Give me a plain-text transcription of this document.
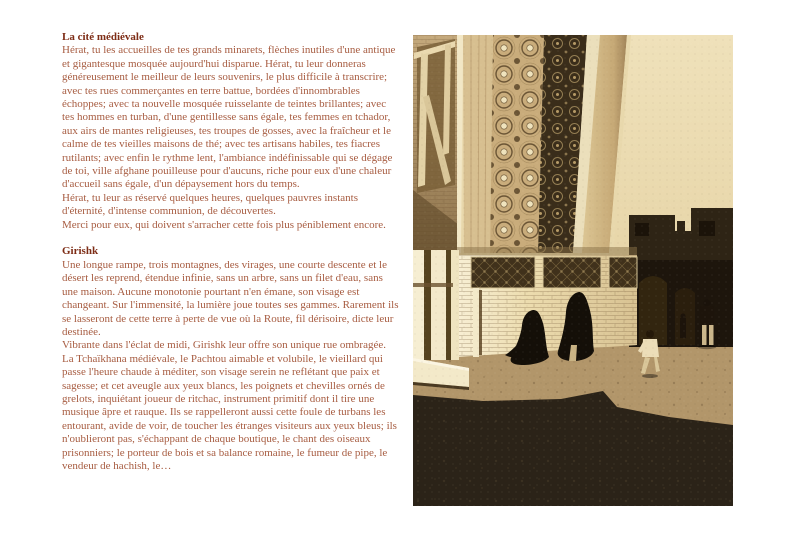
La cité médiévale

Hérat, tu les accueilles de tes grands minarets, flèches inutiles d'une antique et gigantesque mosquée aujourd'hui disparue. Hérat, tu leur donneras généreusement le meilleur de leurs souvenirs, le plus difficile à transcrire; avec tes rues commerçantes en terre battue, bordées d'innombrables échoppes; avec ta nouvelle mosquée ruisselante de teintes brillantes; avec tes hommes en turban, d'une gentillesse sans égale, tes femmes en tchador, aux airs de mantes religieuses, tes troupes de gosses, avec la fraîcheur et le calme de tes vieilles maisons de thé; avec tes artisans habiles, tes fiacres rutilants; avec enfin le rythme lent, l'ambiance indéfinissable qui se dégage de toi, ville afghane pouilleuse pour d'aucuns, riche pour eux d'une chaleur d'accueil sans égale, d'un dépaysement hors du temps.

Hérat, tu leur as réservé quelques heures, quelques pauvres instants d'éternité, d'intense communion, de découvertes.

Merci pour eux, qui doivent s'arracher cette fois plus péniblement encore.

Girishk

Une longue rampe, trois montagnes, des virages, une courte descente et le désert les reprend, étendue infinie, sans un arbre, sans un filet d'eau, sans une maison. Aucune monotonie pourtant n'en émane, son visage est changeant. Sur l'immensité, la lumière joue toutes ses gammes. Rarement ils se lasseront de cette terre à perte de vue où la Route, fil dérisoire, dicte leur destinée.

Vibrante dans l'éclat de midi, Girishk leur offre son unique rue ombragée.

La Tchaïkhana médiévale, le Pachtou aimable et volubile, le vieillard qui passe l'heure chaude à méditer, son visage serein ne reflétant que paix et sagesse; et cet aveugle aux yeux blancs, les poignets et chevilles ornés de grelots, inquiétant joueur de ritchac, instrument primitif dont il tire une musique âpre et rauque. Ils se rappelleront aussi cette foule de turbans les entourant, avide de voir, de toucher les étranges visiteurs aux yeux bleus; ils n'oublieront pas, s'échappant de chaque boutique, le chant des oiseaux prisonniers; le porteur de bois et sa balance romaine, le fumeur de pipe, le vendeur de hachish, le…
